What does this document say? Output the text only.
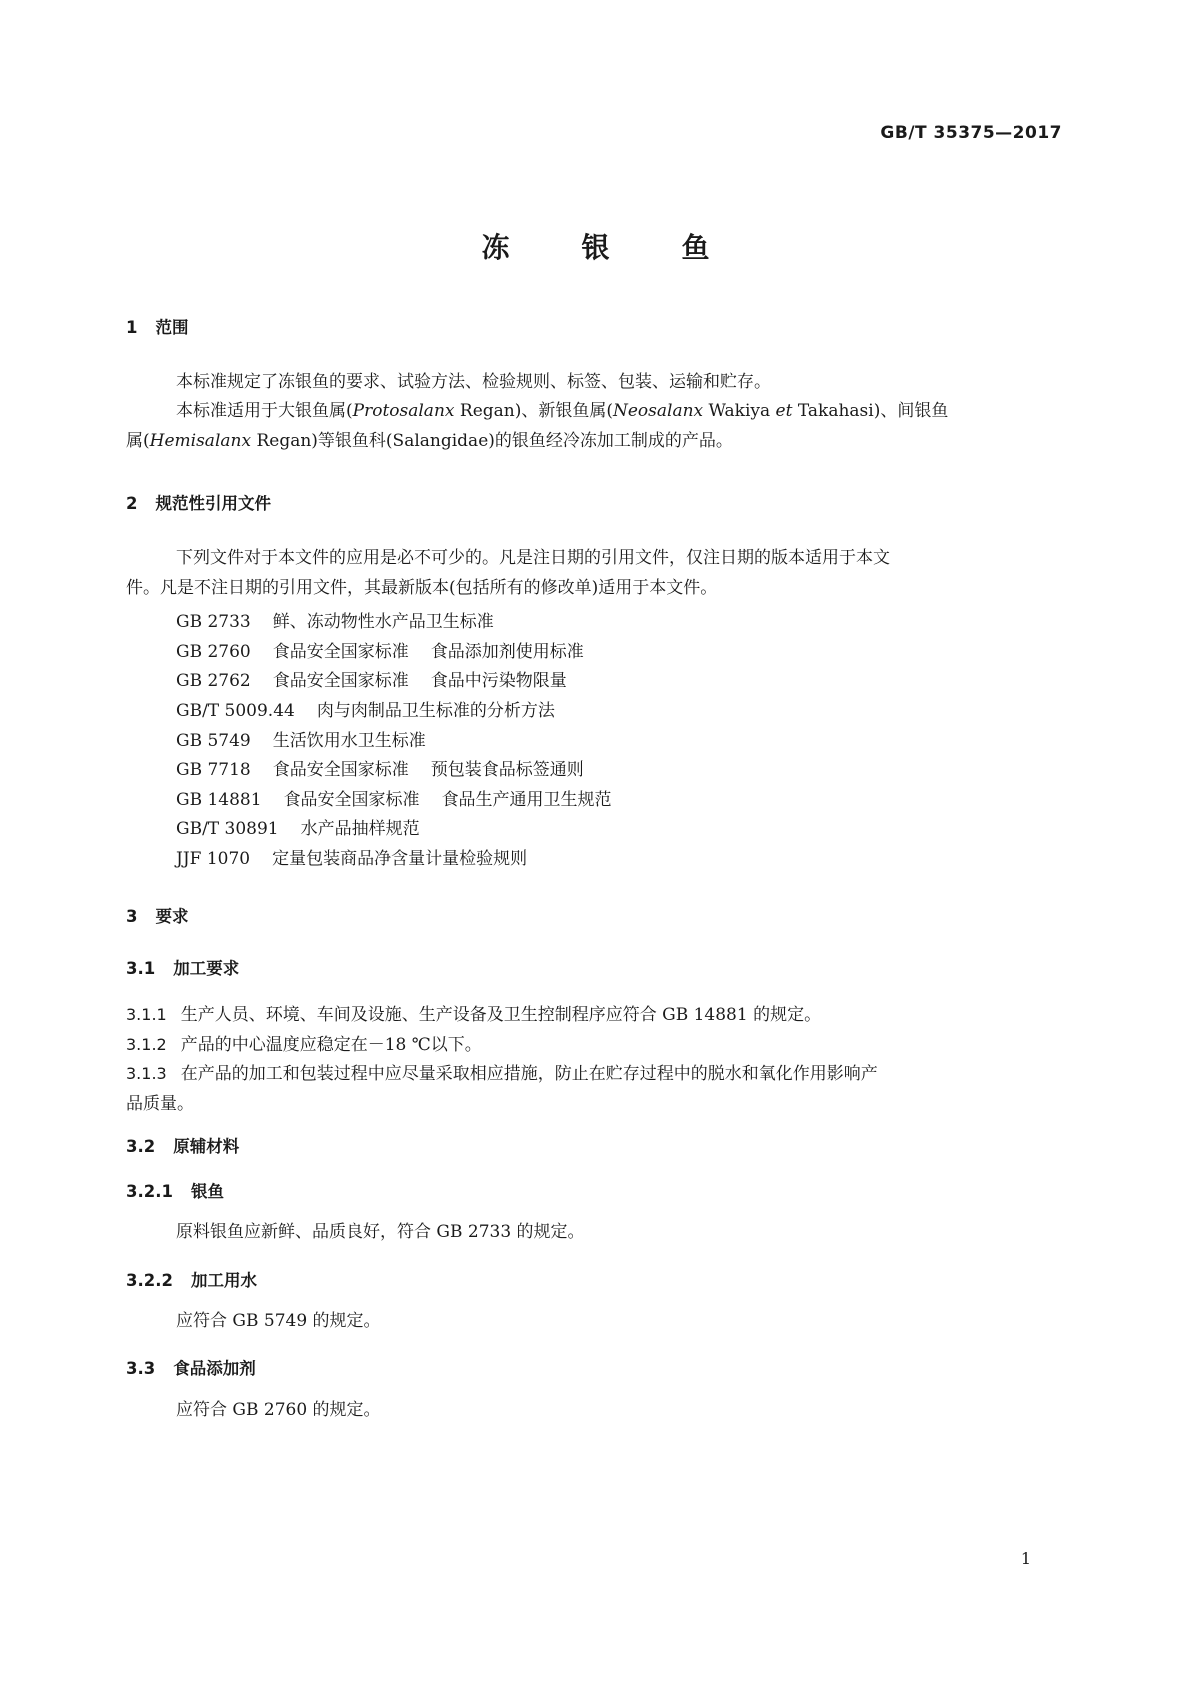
GB/T 35375—2017
冻	银	鱼
1 范围
本标准规定了冻银鱼的要求、试验方法、检验规则、标签、包装、运输和贮存。
本标准适用于大银鱼属(Protosalanx Regan)、新银鱼属(Neosalanx Wakiya et Takahasi)、间银鱼
属(Hemisalanx Regan)等银鱼科(Salangidae)的银鱼经冷冻加工制成的产品。
2 规范性引用文件
下列文件对于本文件的应用是必不可少的。凡是注日期的引用文件，仅注日期的版本适用于本文
件。凡是不注日期的引用文件，其最新版本(包括所有的修改单)适用于本文件。
GB 2733 鲜、冻动物性水产品卫生标准
GB 2760 食品安全国家标准 食品添加剂使用标准
GB 2762 食品安全国家标准 食品中污染物限量
GB/T 5009.44 肉与肉制品卫生标准的分析方法
GB 5749 生活饮用水卫生标准
GB 7718 食品安全国家标准 预包装食品标签通则
GB 14881 食品安全国家标准 食品生产通用卫生规范
GB/T 30891 水产品抽样规范
JJF 1070 定量包装商品净含量计量检验规则
3 要求
3.1 加工要求
3.1.1 生产人员、环境、车间及设施、生产设备及卫生控制程序应符合 GB 14881 的规定。
3.1.2 产品的中心温度应稳定在－18 ℃以下。
3.1.3 在产品的加工和包装过程中应尽量采取相应措施，防止在贮存过程中的脱水和氧化作用影响产
品质量。
3.2 原辅材料
3.2.1 银鱼
原料银鱼应新鲜、品质良好，符合 GB 2733 的规定。
3.2.2 加工用水
应符合 GB 5749 的规定。
3.3 食品添加剂
应符合 GB 2760 的规定。
1
